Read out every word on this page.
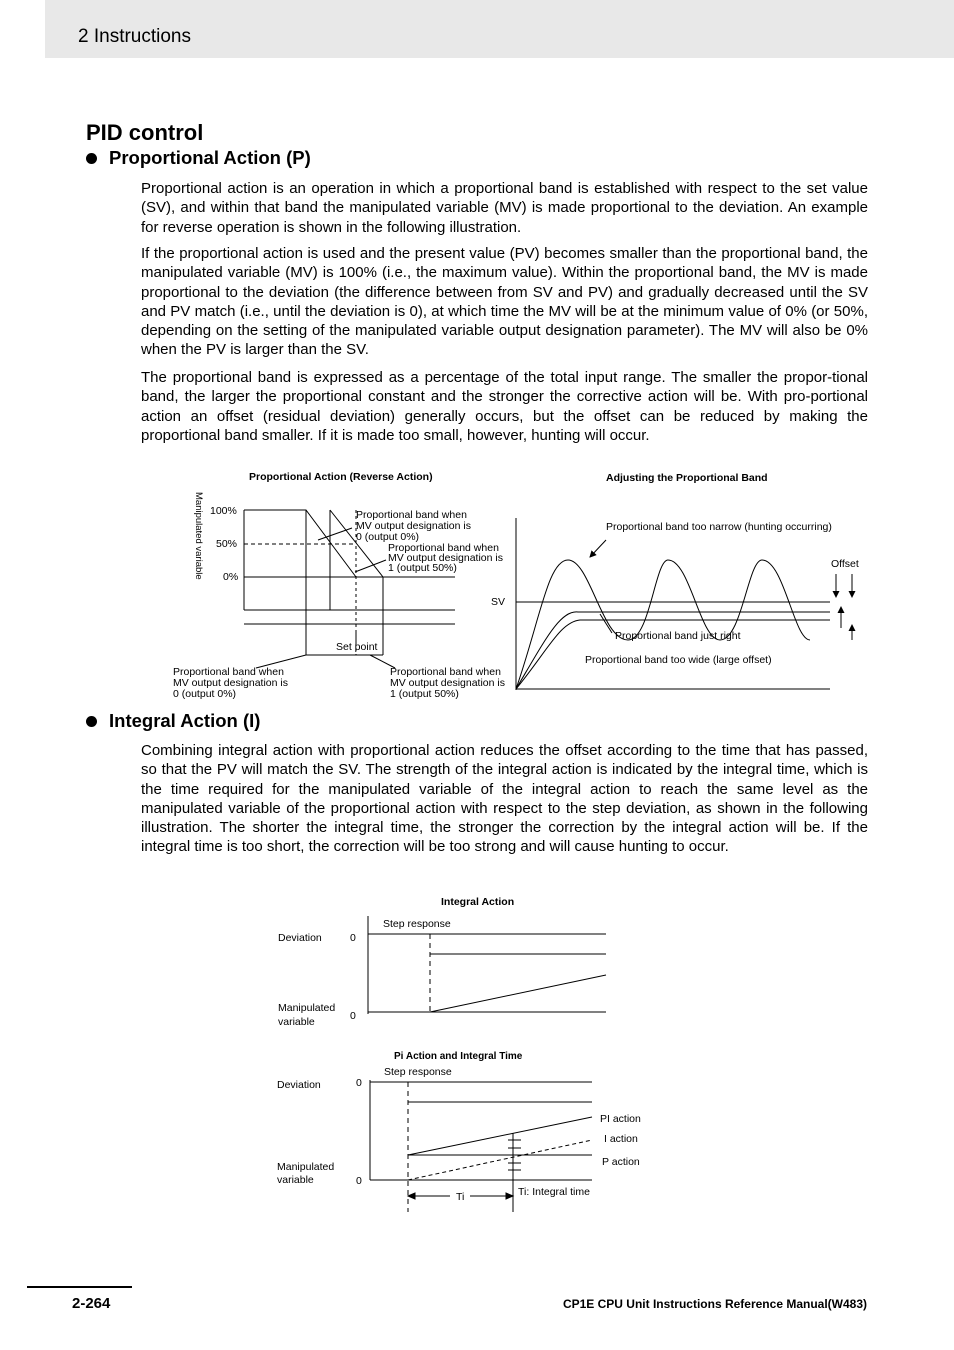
2 Instructions
PID control
Proportional Action (P)

Proportional action is an operation in which a proportional band is established with respect to the set value (SV), and within that band the manipulated variable (MV) is made proportional to the deviation. An example for reverse operation is shown in the following illustration.

If the proportional action is used and the present value (PV) becomes smaller than the proportional band, the manipulated variable (MV) is 100% (i.e., the maximum value). Within the proportional band, the MV is made proportional to the deviation (the difference between from SV and PV) and gradually decreased until the SV and PV match (i.e., until the deviation is 0), at which time the MV will be at the minimum value of 0% (or 50%, depending on the setting of the manipulated variable output designation parameter). The MV will also be 0% when the PV is larger than the SV.

The proportional band is expressed as a percentage of the total input range. The smaller the propor-tional band, the larger the proportional constant and the stronger the corrective action will be. With pro-portional action an offset (residual deviation) generally occurs, but the offset can be reduced by making the proportional band smaller. If it is made too small, however, hunting will occur.

Proportional Action (Reverse Action)	Adjusting the Proportional Band
Manipulated variable 100%
50%
0%
Proportional band when
MV output designation is
0 (output 0%)
Proportional band when
MV output designation is
1 (output 50%)
Set point
Proportional band when
MV output designation is
0 (output 0%)
Proportional band when
MV output designation is
1 (output 50%)
SV
Proportional band too narrow (hunting occurring)
Offset
Proportional band just right
Proportional band too wide (large offset)
Integral Action (I)

Combining integral action with proportional action reduces the offset according to the time that has passed, so that the PV will match the SV. The strength of the integral action is indicated by the integral time, which is the time required for the manipulated variable of the integral action to reach the same level as the manipulated variable of the proportional action with respect to the step deviation, as shown in the following illustration. The shorter the integral time, the stronger the correction by the integral action will be. If the integral time is too short, the correction will be too strong and will cause hunting to occur.

Integral Action
Deviation	0
Step response
Manipulated
variable	0
Pi Action and Integral Time
Step response
Deviation	0
Manipulated
variable	0
PI action
I action
P action
Ti	Ti: Integral time
2-264	CP1E CPU Unit Instructions Reference Manual(W483)
